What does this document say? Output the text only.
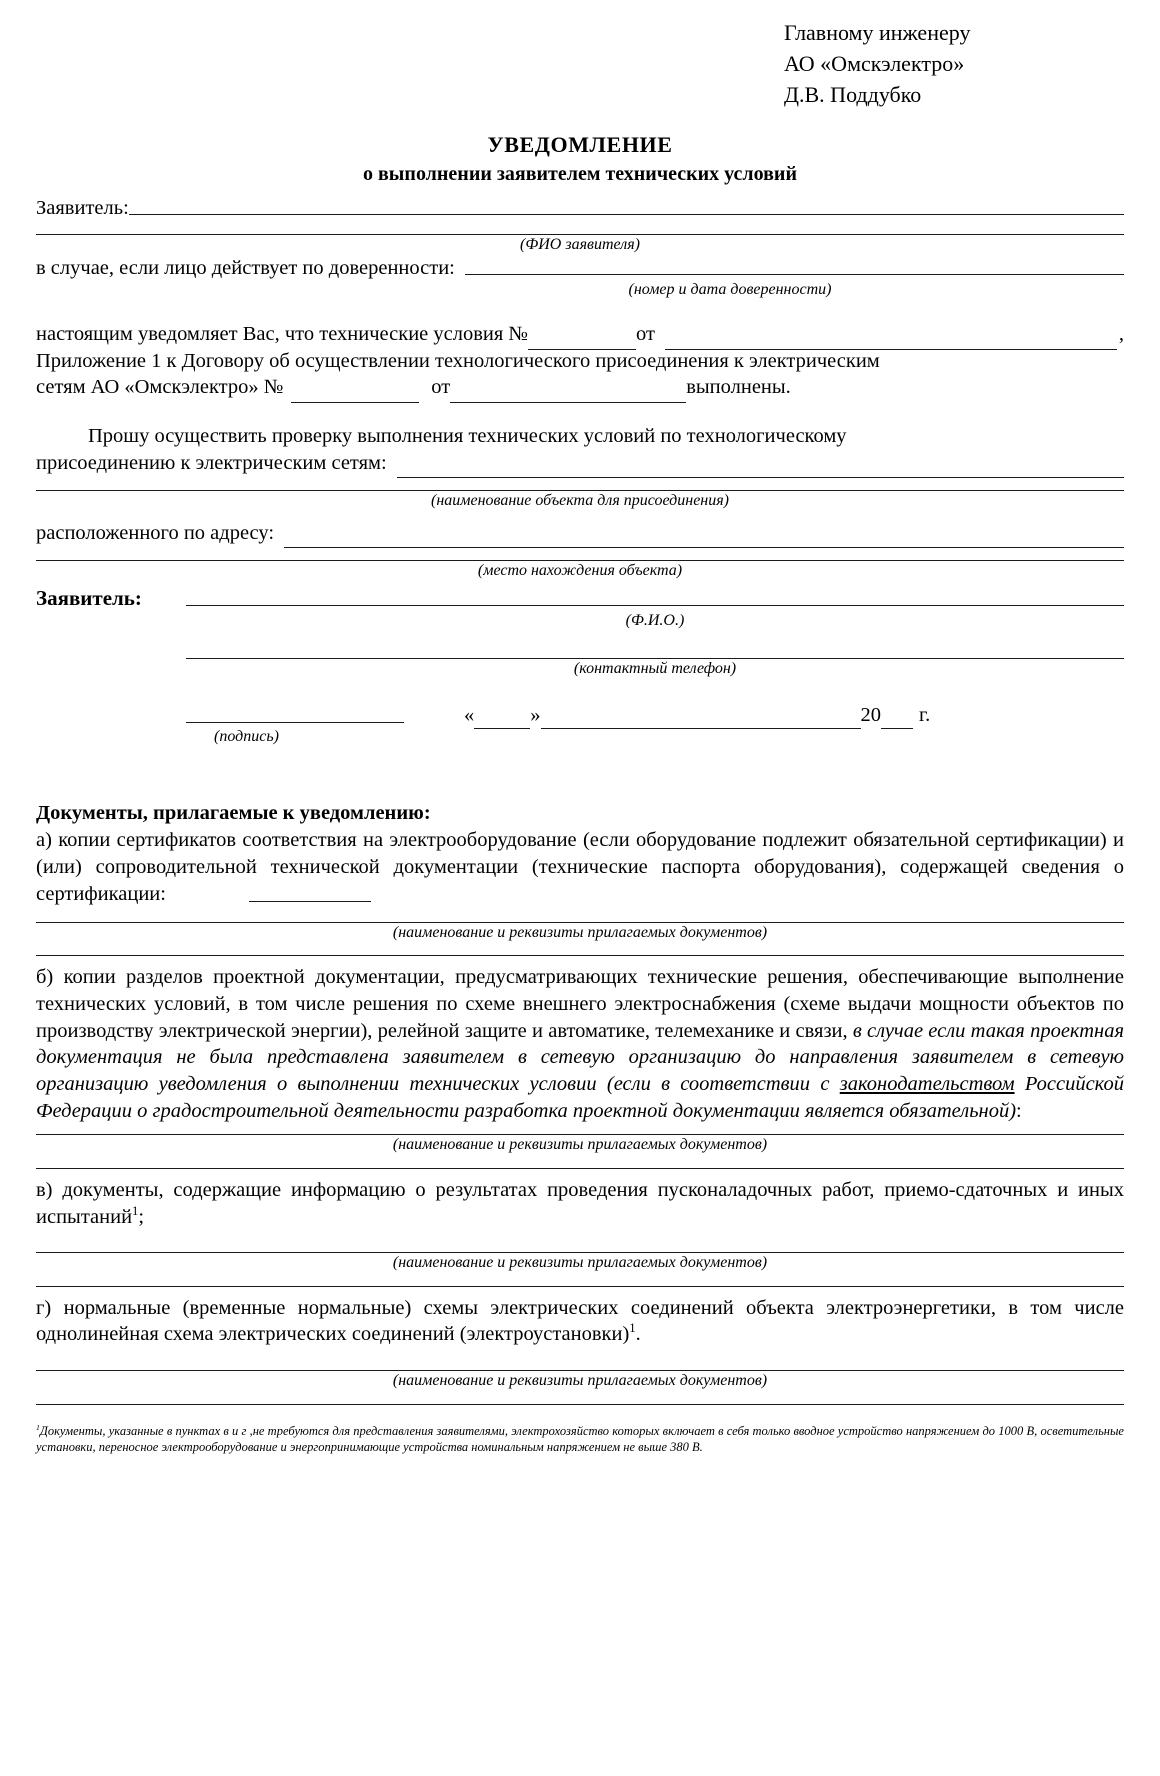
Главному инженеру
АО «Омскэлектро»
Д.В. Поддубко
УВЕДОМЛЕНИЕ
о выполнении заявителем технических условий
Заявитель:
(ФИО заявителя)
в случае, если лицо действует по доверенности:
(номер и дата доверенности)
настоящим уведомляет Вас, что технические условия №	от	,
Приложение 1 к Договору об осуществлении технологического присоединения к электрическим
сетям АО «Омскэлектро» №	от	выполнены.
Прошу осуществить проверку выполнения технических условий по технологическому
присоединению к электрическим сетям:
(наименование объекта для присоединения)
расположенного по адресу:
(место нахождения объекта)
Заявитель:
(Ф.И.О.)
(контактный телефон)
«	»	20 г.
(подпись)
Документы, прилагаемые к уведомлению:
а) копии сертификатов соответствия на электрооборудование (если оборудование подлежит обязательной сертификации) и (или) сопроводительной технической документации (технические паспорта оборудования), содержащей сведения о сертификации:
(наименование и реквизиты прилагаемых документов)
б) копии разделов проектной документации, предусматривающих технические решения, обеспечивающие выполнение технических условий, в том числе решения по схеме внешнего электроснабжения (схеме выдачи мощности объектов по производству электрической энергии), релейной защите и автоматике, телемеханике и связи, в случае если такая проектная документация не была представлена заявителем в сетевую организацию до направления заявителем в сетевую организацию уведомления о выполнении технических условии (если в соответствии с законодательством Российской Федерации о градостроительной деятельности разработка проектной документации является обязательной):
(наименование и реквизиты прилагаемых документов)
в) документы, содержащие информацию о результатах проведения пусконаладочных работ, приемо-сдаточных и иных испытаний$^1$;
(наименование и реквизиты прилагаемых документов)
г) нормальные (временные нормальные) схемы электрических соединений объекта электроэнергетики, в том числе однолинейная схема электрических соединений (электроустановки)$^1$.
(наименование и реквизиты прилагаемых документов)
$^1$Документы, указанные в пунктах в и г ,не требуются для представления заявителями, электрохозяйство которых включает в себя только вводное устройство напряжением до 1000 В, осветительные установки, переносное электрооборудование и энергопринимающие устройства номинальным напряжением не выше 380 В.
